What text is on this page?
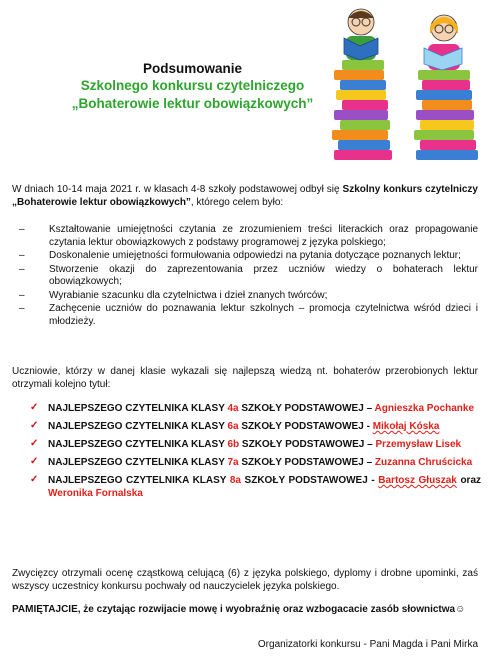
Podsumowanie
Szkolnego konkursu czytelniczego
„Bohaterowie lektur obowiązkowych”
W dniach 10-14 maja 2021 r. w klasach 4-8 szkoły podstawowej odbył się Szkolny konkurs czytelniczy „Bohaterowie lektur obowiązkowych”, którego celem było:
– Kształtowanie umiejętności czytania ze zrozumieniem treści literackich oraz propagowanie czytania lektur obowiązkowych z podstawy programowej z języka polskiego;
– Doskonalenie umiejętności formułowania odpowiedzi na pytania dotyczące poznanych lektur;
– Stworzenie okazji do zaprezentowania przez uczniów wiedzy o bohaterach lektur obowiązkowych;
– Wyrabianie szacunku dla czytelnictwa i dzieł znanych twórców;
– Zachęcenie uczniów do poznawania lektur szkolnych – promocja czytelnictwa wśród dzieci i młodzieży.
Uczniowie, którzy w danej klasie wykazali się najlepszą wiedzą nt. bohaterów przerobionych lektur otrzymali kolejno tytuł:
✓ NAJLEPSZEGO CZYTELNIKA KLASY 4a SZKOŁY PODSTAWOWEJ – Agnieszka Pochanke
✓ NAJLEPSZEGO CZYTELNIKA KLASY 6a SZKOŁY PODSTAWOWEJ - Mikołaj Kóska
✓ NAJLEPSZEGO CZYTELNIKA KLASY 6b SZKOŁY PODSTAWOWEJ – Przemysław Lisek
✓ NAJLEPSZEGO CZYTELNIKA KLASY 7a SZKOŁY PODSTAWOWEJ – Zuzanna Chruścicka
✓ NAJLEPSZEGO CZYTELNIKA KLASY 8a SZKOŁY PODSTAWOWEJ - Bartosz Głuszak oraz Weronika Fornalska
Zwycięzcy otrzymali ocenę cząstkową celującą (6) z języka polskiego, dyplomy i drobne upominki, zaś wszyscy uczestnicy konkursu pochwały od nauczycielek języka polskiego.
PAMIĘTAJCIE, że czytając rozwijacie mowę i wyobraźnię oraz wzbogacacie zasób słownictwa☺
Organizatorki konkursu - Pani Magda i Pani Mirka
